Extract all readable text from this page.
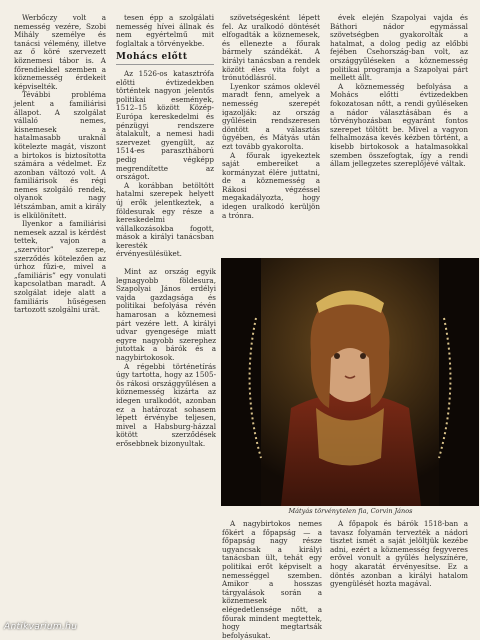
Werbőczy volt a nemesség vezére, Szobi Mihály személye és tanácsi vélemény, illetve az ő köré szervezett köznemesi tábor is. A főrendiekkel szemben a köznemesség érdekeit képviselték.

Tévábbi probléma jelent a familiárisi állapot. A szolgálat vállaló nemes, kisnemesek a hatalmasabb uraknál kötelezte magát, viszont a birtokos is biztosította számára a védelmet. Ez azonban változó volt. A familiárisok és régi nemes szolgáló rendek, olyanok nagy létszámban, amit a király is elkülönített.

Ilyenkor a familiárisi nemesek azzal is kérdést tettek, vajon a „szervitor” szerepe, szerződés kötelezően az úrhoz fűzi-e, mivel a „familiáris” egy vonulati kapcsolatban maradt. A szolgálat ideje alatt a familiáris hűségesen tartozott szolgálni urát.

tesen épp a szolgálati nemesség hívei állnak és nem egyértelmű mit foglaltak a törvényekbe.

Mohács előtt

Az 1526-os katasztrófa előtti évtizedekben történtek nagyon jelentős politikai események, 1512–15 között Közép-Európa kereskedelmi és pénzügyi rendszere átalakult, a nemesi hadi szervezet gyengült, az 1514-es parasztháború pedig végképp megrendítette az országot.

A korábban betöltött hatalmi szerepek helyett új erők jelentkeztek, a földesurak egy része a kereskedelmi vállalkozásokba fogott, mások a királyi tanácsban keresték érvényesülésüket.

szövetségesként lépett fel. Az uralkodó döntését elfogadták a köznemesek, és ellenezte a főurak bármely szándékát. A királyi tanácsban a rendek között éles vita folyt a trónutódlásról.

Lyenkor számos oklevél maradt fenn, amelyek a nemesség szerepét igazolják: az ország gyűlésein rendszeresen döntött a választás ügyében, és Mátyás után ezt tovább gyakorolta.

A főurak igyekeztek saját embereiket a kormányzat élére juttatni, de a köznemesség a Rákosi végzéssel megakadályozta, hogy idegen uralkodó kerüljön a trónra.

évek elején Szapolyai vajda és Báthori nádor egymással szövetségben gyakorolták a hatalmat, a dolog pedig az előbbi fejében Csehország-ban volt, az országgyűléseken a köznemesség politikai programja a Szapolyai párt mellett állt.

A köznemesség befolyása a Mohács előtti évtizedekben fokozatosan nőtt, a rendi gyűléseken a nádor választásában és a törvényhozásban egyaránt fontos szerepet töltött be. Mivel a vagyon felhalmozása kevés kézben történt, a kisebb birtokosok a hatalmasokkal szemben összefogtak, így a rendi állam jellegzetes szereplőjévé váltak.

Mint az ország egyik legnagyobb földesura, Szapolyai János erdélyi vajda gazdagsága és politikai befolyása révén hamarosan a köznemesi párt vezére lett. A királyi udvar gyengesége miatt egyre nagyobb szerephez jutottak a bárók és a nagybirtokosok.

A régebbi történetírás úgy tartotta, hogy az 1505-ös rákosi országgyűlésen a köznemesség kizárta az idegen uralkodót, azonban ez a határozat sohasem lépett érvénybe teljesen, mivel a Habsburg-házzal kötött szerződések erősebbnek bizonyultak.

Mátyás törvénytelen fia, Corvin János

A nagybirtokos nemes főkért a főpapság — a főpapság nagy része ugyancsak a királyi tanácsban ült, tehát egy politikai erőt képviselt a nemességgel szemben. Amikor a hosszas tárgyalások során a köznemesek elégedetlensége nőtt, a főurak mindent megtettek, hogy megtartsák befolyásukat.

A főpapok és bárók 1518-ban a tavasz folyamán tervezték a nádori tisztet ismét a saját jelöltjük kezébe adni, ezért a köznemesség fegyveres erővel vonult a gyűlés helyszínére, hogy akaratát érvényesítse. Ez a döntés azonban a királyi hatalom gyengülését hozta magával.

Antikvarium.hu
